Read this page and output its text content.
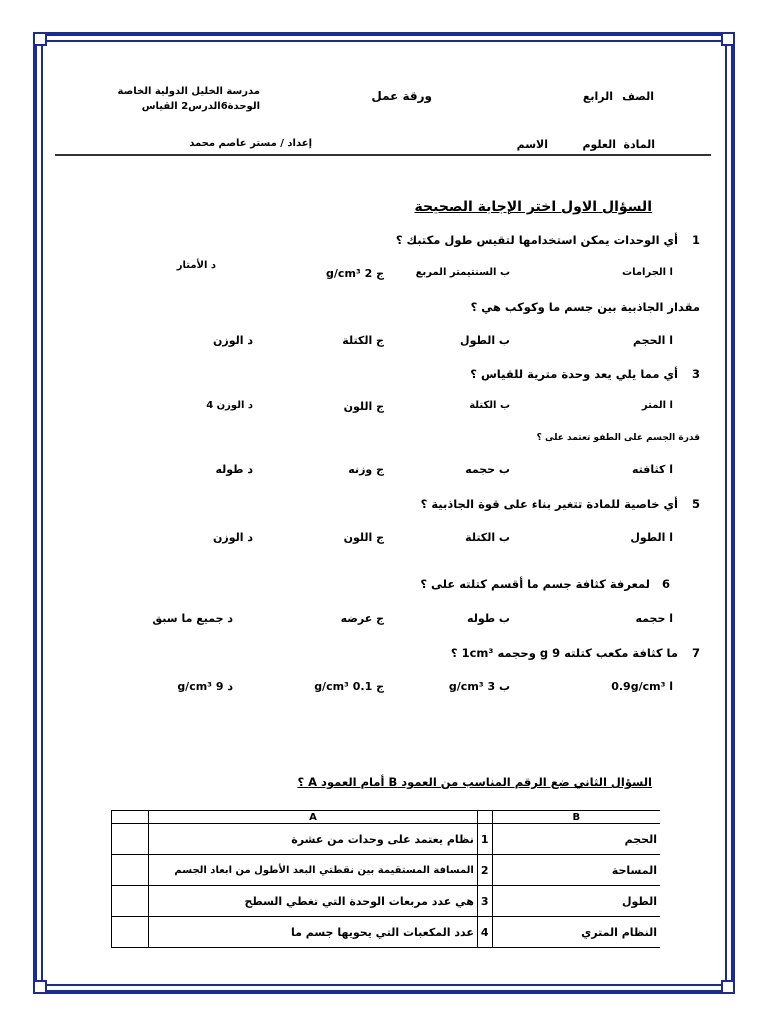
الصف
الرابع
ورقة عمل
مدرسة الخليل الدولية الخاصة
الوحدة6الدرس2 القياس
المادة
العلوم
الاسم
إعداد / مستر عاصم محمد
السؤال الاول اختر الإجابة الصحيحة
1
أي الوحدات يمكن استخدامها لتقيس طول مكتبك ؟
ا الجرامات
ب السنتيمتر المربع
ج 2 g/cm³
د الأمتار
مقدار الجاذبية بين جسم ما وكوكب هي ؟
ا الحجم
ب الطول
ج الكتلة
د الوزن
3
أي مما يلي يعد وحدة مترية للقياس ؟
ا المتر
ب الكتلة
ج اللون
د الوزن 4
قدرة الجسم على الطفو تعتمد على ؟
ا كثافته
ب حجمه
ج وزنه
د طوله
5
أي خاصية للمادة تتغير بناء على قوة الجاذبية ؟
ا الطول
ب الكتلة
ج اللون
د الوزن
6
لمعرفة كثافة جسم ما أقسم كتلته على ؟
ا حجمه
ب طوله
ج عرضه
د جميع ما سبق
7
ما كثافة مكعب كتلته g 9 وحجمه 1cm³ ؟
ا 0.9g/cm³
ب 3 g/cm³
ج 0.1 g/cm³
د 9 g/cm³
السؤال الثاني ضع الرقم المناسب من العمود B أمام العمود A ؟
	A		B
	نظام يعتمد على وحدات من عشرة	1	الحجم
	المسافة المستقيمة بين نقطتي البعد الأطول من ابعاد الجسم	2	المساحة
	هي عدد مربعات الوحدة التي تغطي السطح	3	الطول
	عدد المكعبات التي يحويها جسم ما	4	النظام المتري
